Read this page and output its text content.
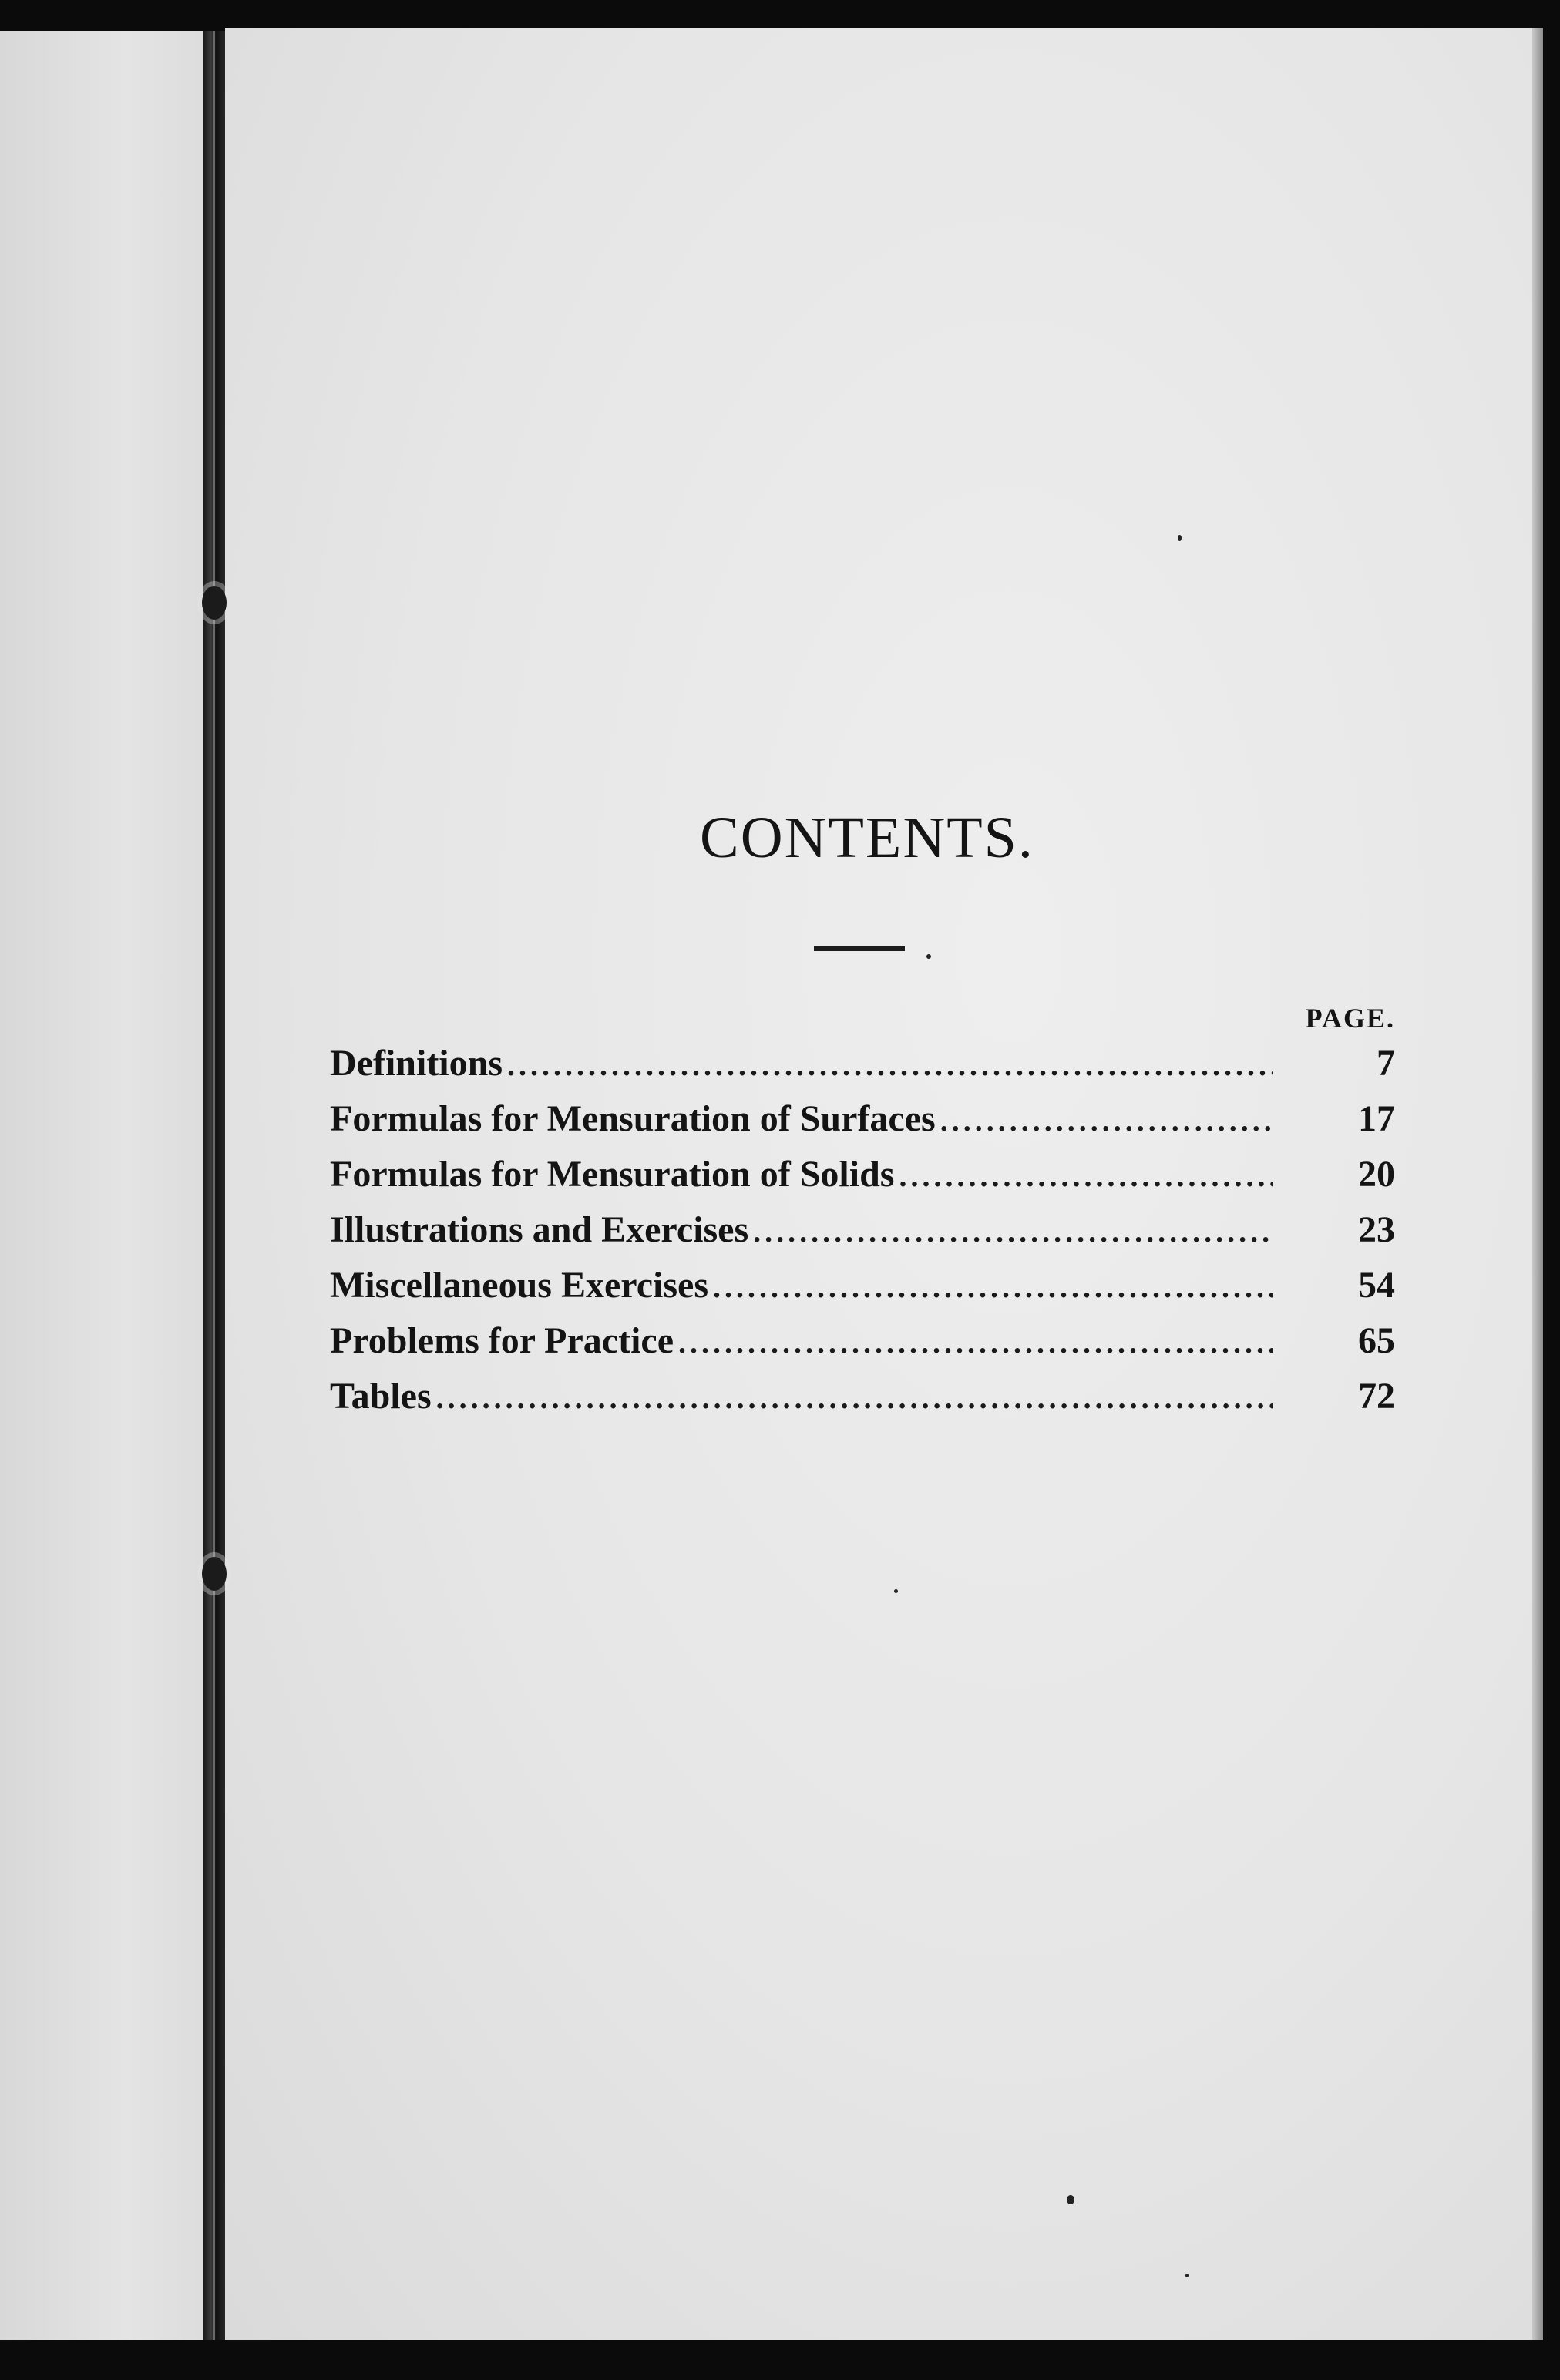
CONTENTS.
PAGE.
Definitions .....	7
Formulas for Mensuration of Surfaces .....	17
Formulas for Mensuration of Solids .....	20
Illustrations and Exercises .....	23
Miscellaneous Exercises .....	54
Problems for Practice .....	65
Tables .....	72
